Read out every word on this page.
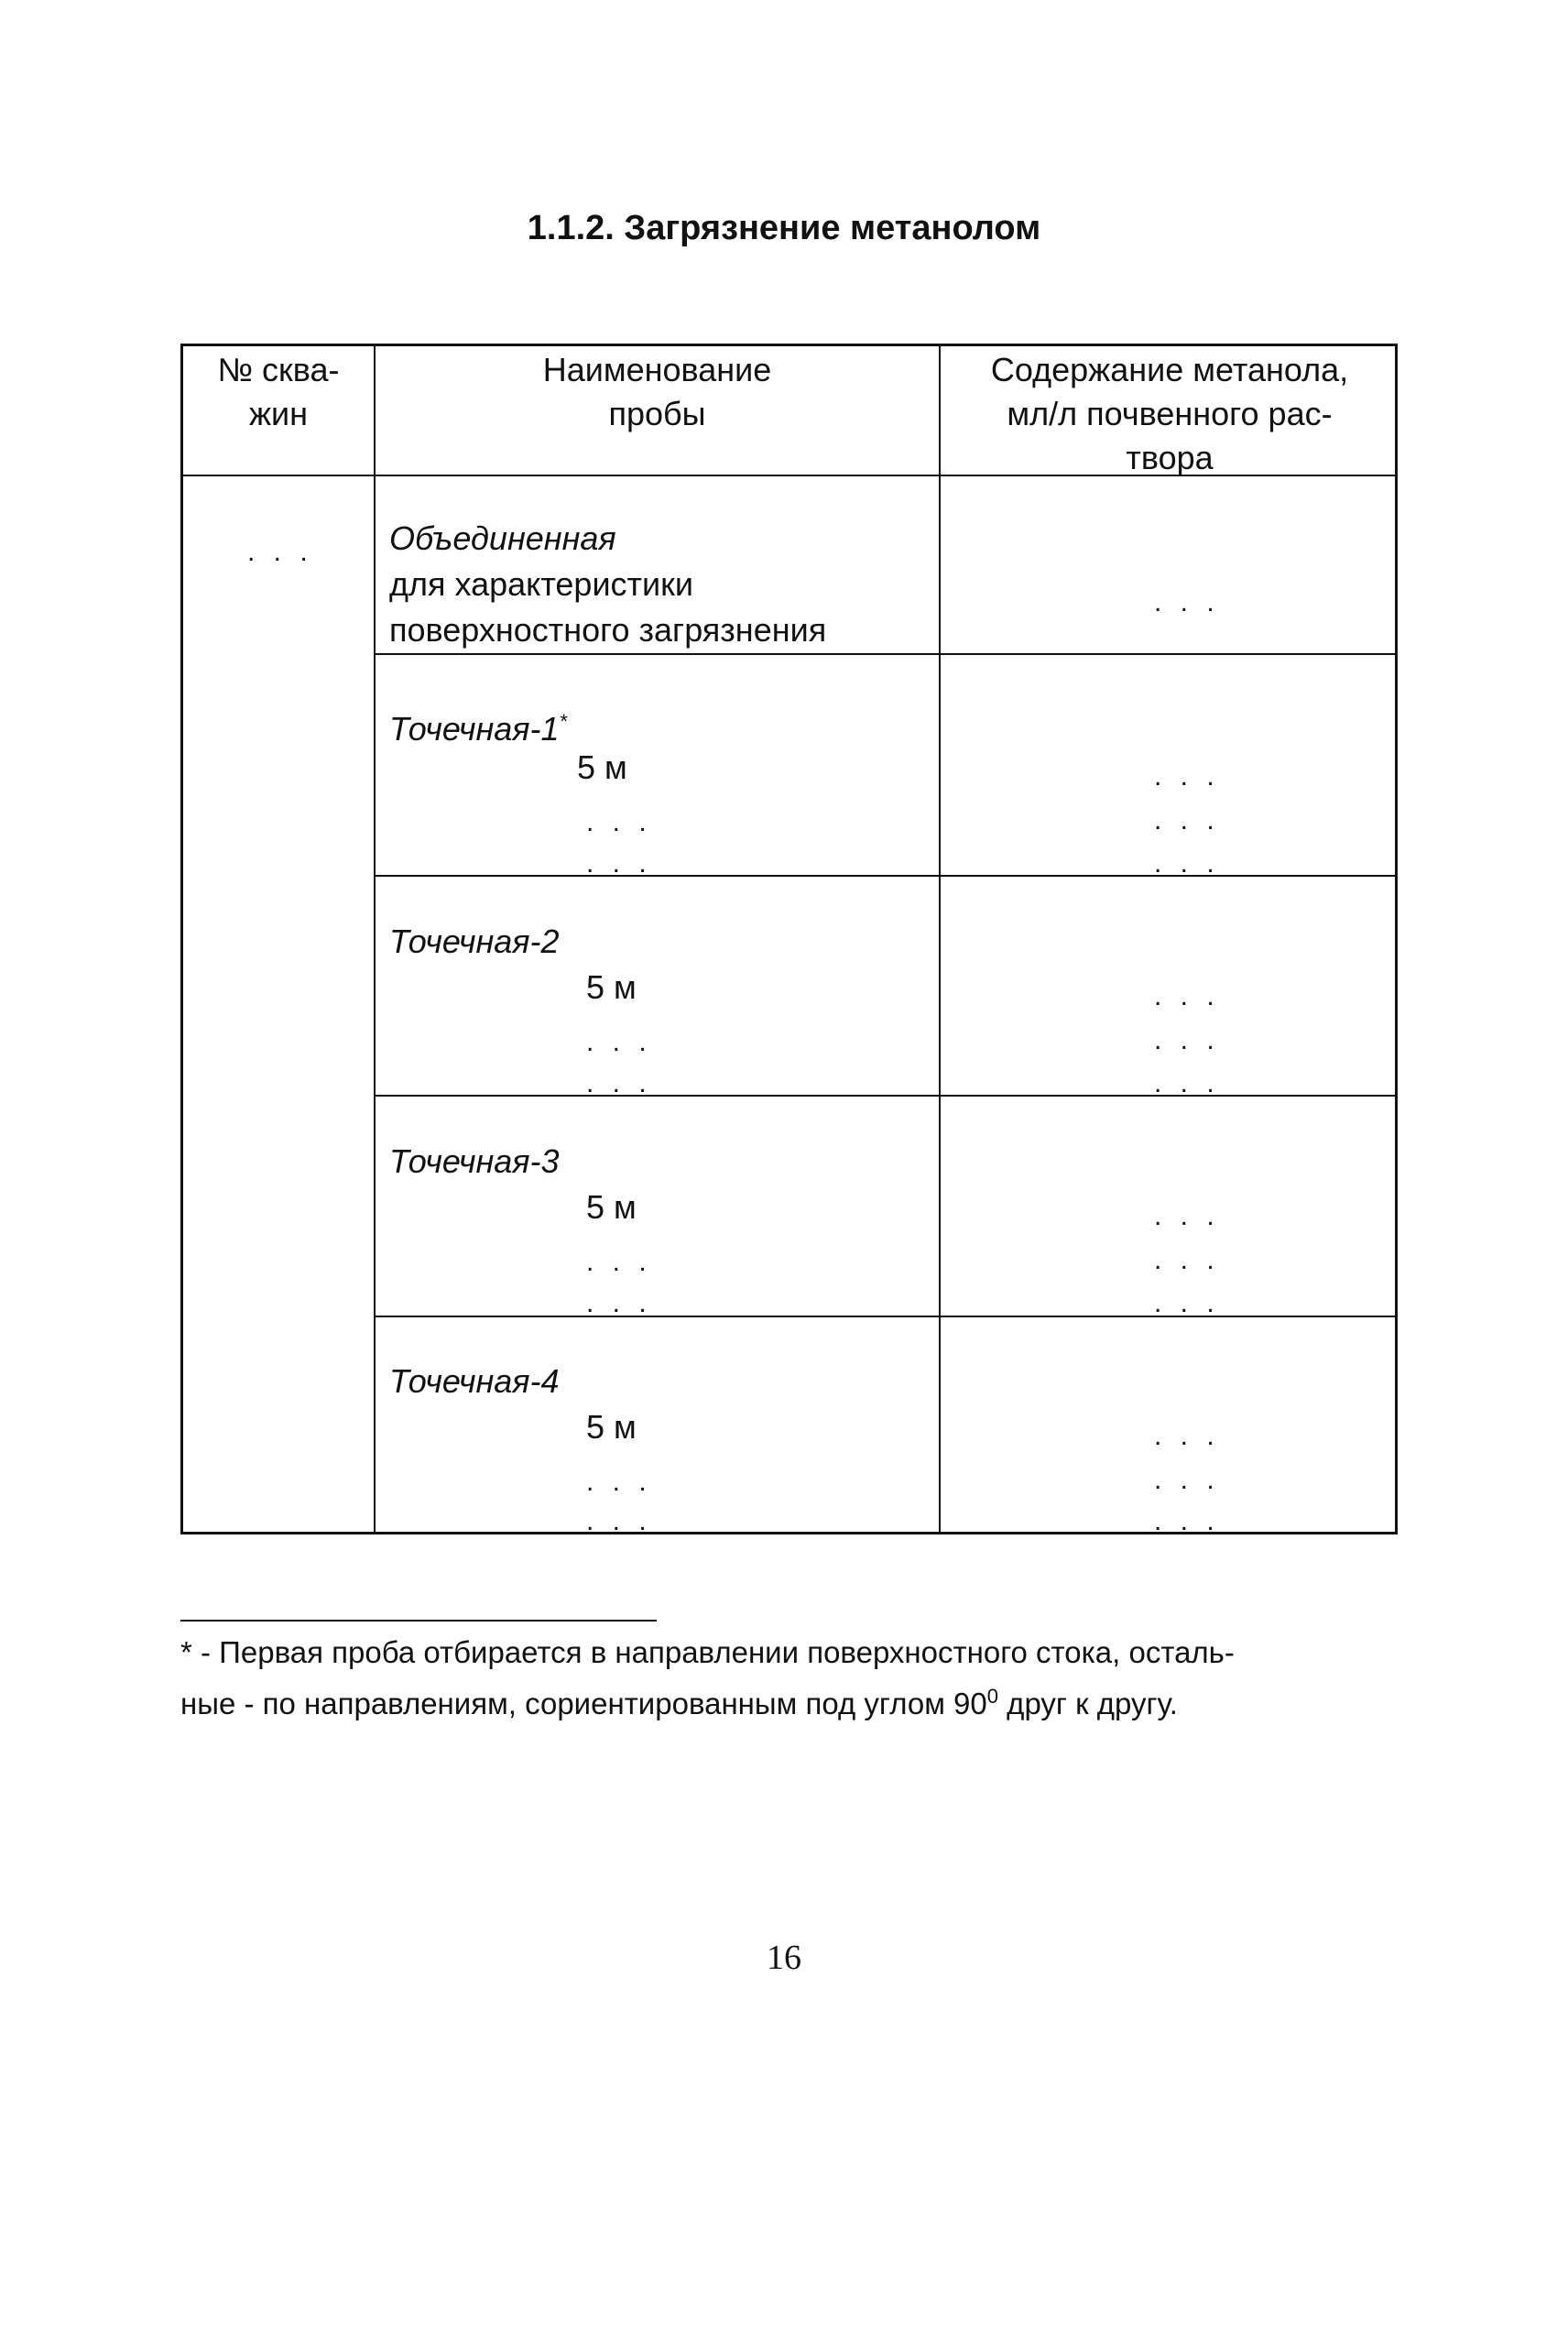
1.1.2. Загрязнение метанолом
№ сква-
жин
Наименование
пробы
Содержание метанола,
мл/л почвенного рас-
твора
. . . Объединенная
для характеристики
поверхностного загрязнения
. . .
Точечная-1*
5 м
. . .
. . .
. . .
. . .
. . .
Точечная-2
5 м
. . .
. . .
. . .
. . .
. . .
Точечная-3
5 м
. . .
. . .
. . .
. . .
. . .
Точечная-4
5 м
. . .
. . .
. . .
. . .
. . .
* - Первая проба отбирается в направлении поверхностного стока, осталь-
ные - по направлениям, сориентированным под углом $90^0$ друг к другу.
16
